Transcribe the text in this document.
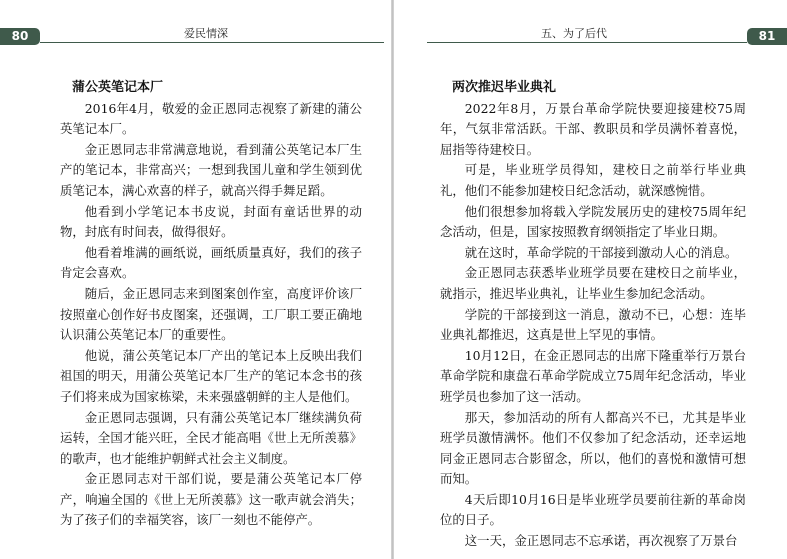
80	爱民情深
蒲公英笔记本厂

2016年4月，敬爱的金正恩同志视察了新建的蒲公英笔记本厂。

金正恩同志非常满意地说，看到蒲公英笔记本厂生产的笔记本，非常高兴；一想到我国儿童和学生领到优质笔记本，满心欢喜的样子，就高兴得手舞足蹈。

他看到小学笔记本书皮说，封面有童话世界的动物，封底有时间表，做得很好。

他看着堆满的画纸说，画纸质量真好，我们的孩子肯定会喜欢。

随后，金正恩同志来到图案创作室，高度评价该厂按照童心创作好书皮图案，还强调，工厂职工要正确地认识蒲公英笔记本厂的重要性。

他说，蒲公英笔记本厂产出的笔记本上反映出我们祖国的明天，用蒲公英笔记本厂生产的笔记本念书的孩子们将来成为国家栋梁，未来强盛朝鲜的主人是他们。

金正恩同志强调，只有蒲公英笔记本厂继续满负荷运转，全国才能兴旺，全民才能高唱《世上无所羡慕》的歌声，也才能维护朝鲜式社会主义制度。

金正恩同志对干部们说，要是蒲公英笔记本厂停产，响遍全国的《世上无所羡慕》这一歌声就会消失；为了孩子们的幸福笑容，该厂一刻也不能停产。

五、为了后代	81
两次推迟毕业典礼

2022年8月，万景台革命学院快要迎接建校75周年，气氛非常活跃。干部、教职员和学员满怀着喜悦，屈指等待建校日。

可是，毕业班学员得知，建校日之前举行毕业典礼，他们不能参加建校日纪念活动，就深感惋惜。

他们很想参加将载入学院发展历史的建校75周年纪念活动，但是，国家按照教育纲领指定了毕业日期。

就在这时，革命学院的干部接到激动人心的消息。

金正恩同志获悉毕业班学员要在建校日之前毕业，就指示，推迟毕业典礼，让毕业生参加纪念活动。

学院的干部接到这一消息，激动不已，心想：连毕业典礼都推迟，这真是世上罕见的事情。

10月12日，在金正恩同志的出席下隆重举行万景台革命学院和康盘石革命学院成立75周年纪念活动，毕业班学员也参加了这一活动。

那天，参加活动的所有人都高兴不已，尤其是毕业班学员激情满怀。他们不仅参加了纪念活动，还幸运地同金正恩同志合影留念，所以，他们的喜悦和激情可想而知。

4天后即10月16日是毕业班学员要前往新的革命岗位的日子。

这一天，金正恩同志不忘承诺，再次视察了万景台
